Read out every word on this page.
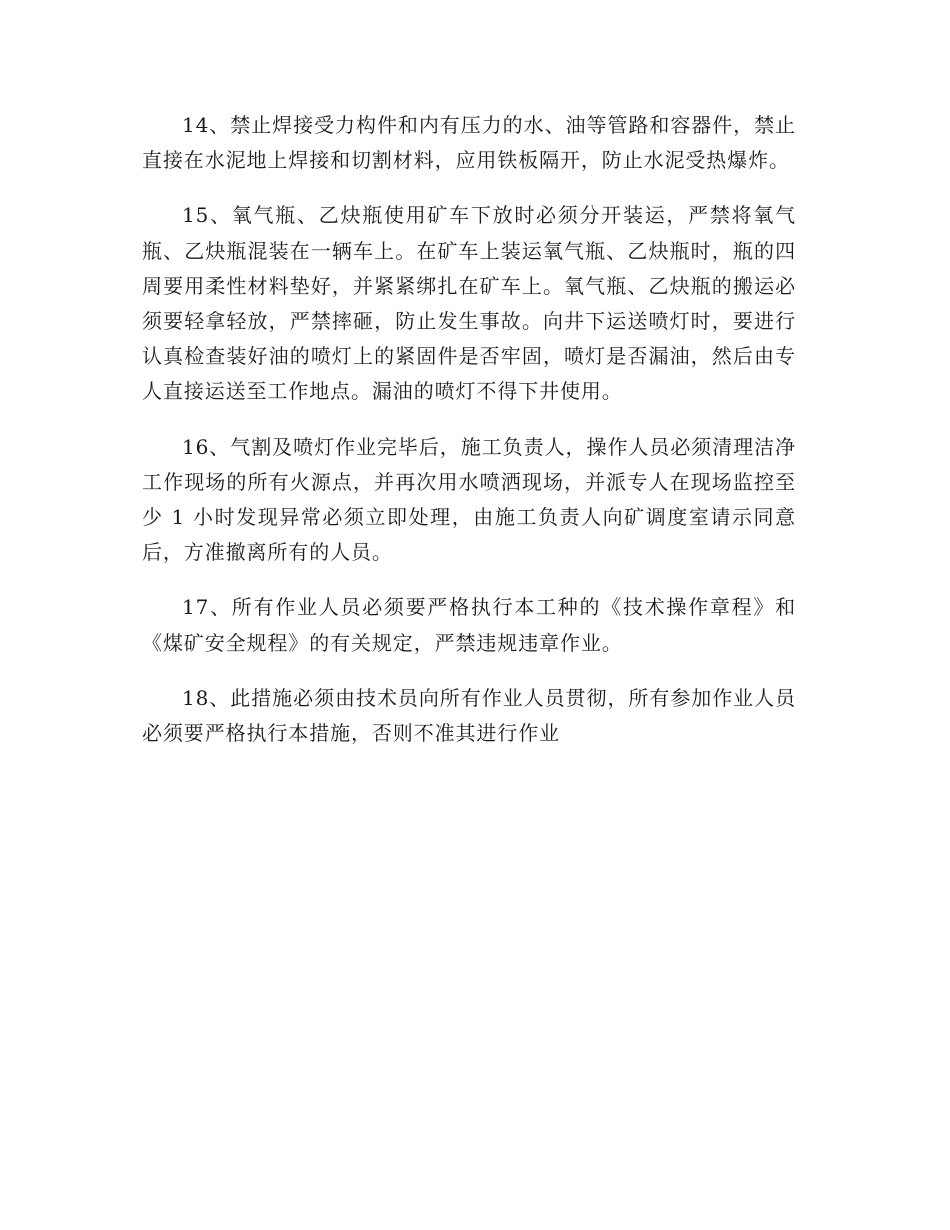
14、禁止焊接受力构件和内有压力的水、油等管路和容器件，禁止直接在水泥地上焊接和切割材料，应用铁板隔开，防止水泥受热爆炸。

15、氧气瓶、乙炔瓶使用矿车下放时必须分开装运，严禁将氧气瓶、乙炔瓶混装在一辆车上。在矿车上装运氧气瓶、乙炔瓶时，瓶的四周要用柔性材料垫好，并紧紧绑扎在矿车上。氧气瓶、乙炔瓶的搬运必须要轻拿轻放，严禁摔砸，防止发生事故。向井下运送喷灯时，要进行认真检查装好油的喷灯上的紧固件是否牢固，喷灯是否漏油，然后由专人直接运送至工作地点。漏油的喷灯不得下井使用。

16、气割及喷灯作业完毕后，施工负责人，操作人员必须清理洁净工作现场的所有火源点，并再次用水喷洒现场，并派专人在现场监控至少 1 小时发现异常必须立即处理，由施工负责人向矿调度室请示同意后，方准撤离所有的人员。

17、所有作业人员必须要严格执行本工种的《技术操作章程》和《煤矿安全规程》的有关规定，严禁违规违章作业。

18、此措施必须由技术员向所有作业人员贯彻，所有参加作业人员必须要严格执行本措施，否则不准其进行作业
